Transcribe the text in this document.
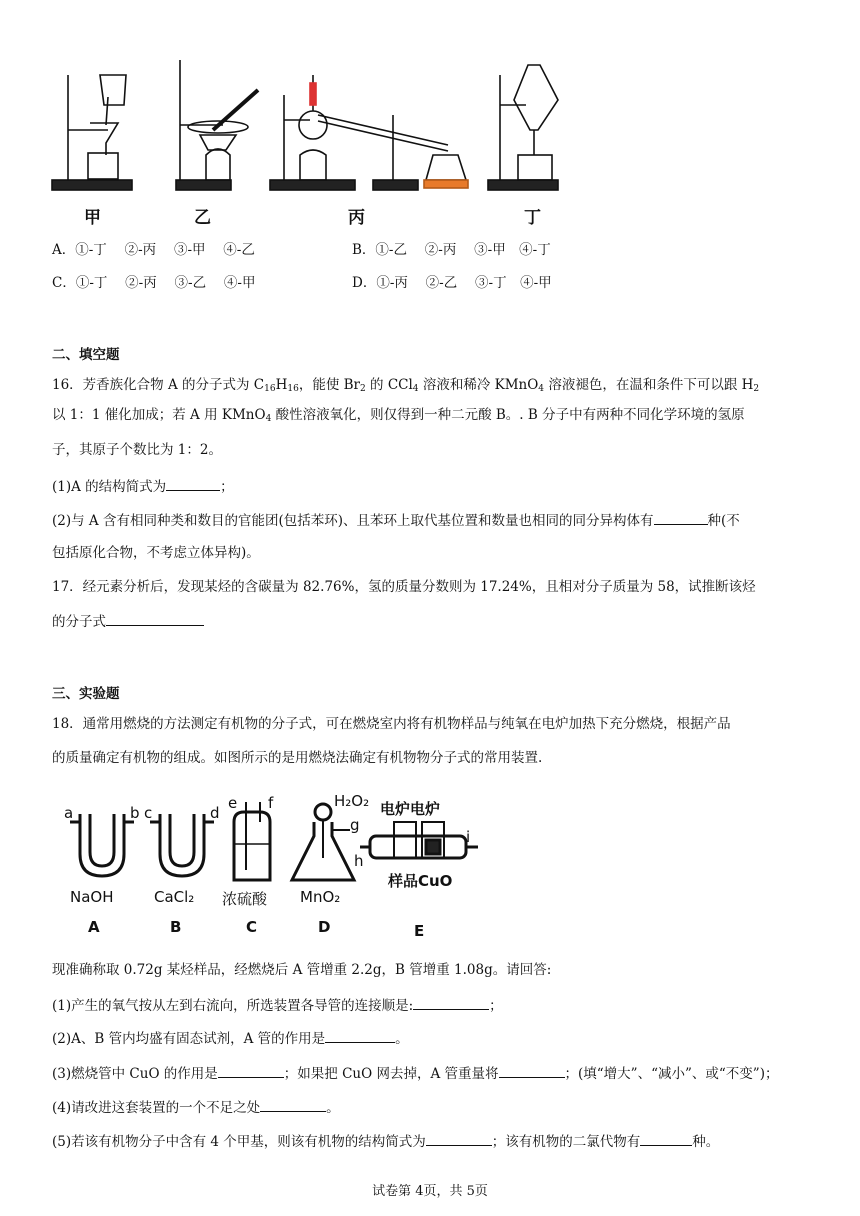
甲	乙	丙	丁
A．①-丁　 ②-丙　 ③-甲　 ④-乙	B．①-乙　 ②-丙　 ③-甲　④-丁
C．①-丁　 ②-丙　 ③-乙　 ④-甲	D．①-丙　 ②-乙　 ③-丁　④-甲
二、填空题
16．芳香族化合物 A 的分子式为 $C_{16}H_{16}$，能使 $Br_2$ 的 CCl$_4$ 溶液和稀冷 KMnO$_4$ 溶液褪色，在温和条件下可以跟 $H_2$
以 1：1 催化加成；若 A 用 KMnO$_4$ 酸性溶液氧化，则仅得到一种二元酸 B。. B 分子中有两种不同化学环境的氢原
子，其原子个数比为 1：2。
(1)A 的结构简式为	；
(2)与 A 含有相同种类和数目的官能团(包括苯环)、且苯环上取代基位置和数量也相同的同分异构体有	种(不
包括原化合物，不考虑立体异构)。
17．经元素分析后，发现某烃的含碳量为 82.76%，氢的质量分数则为 17.24%，且相对分子质量为 58，试推断该烃
的分子式
三、实验题
18．通常用燃烧的方法测定有机物的分子式，可在燃烧室内将有机物样品与纯氧在电炉加热下充分燃烧，根据产品
的质量确定有机物的组成。如图所示的是用燃烧法确定有机物物分子式的常用装置.
a	b c	d
e f	H₂O₂
g
电炉电炉
h
i
NaOH	CaCl₂ 浓硫酸 MnO₂
样品CuO
A	B	C	D	E
现准确称取 0.72g 某烃样品，经燃烧后 A 管增重 2.2g，B 管增重 1.08g。请回答:
(1)产生的氧气按从左到右流向，所选装置各导管的连接顺是:	；
(2)A、B 管内均盛有固态试剂，A 管的作用是	。
(3)燃烧管中 CuO 的作用是	；如果把 CuO 网去掉，A 管重量将	；(填“增大”、“减小”、或“不变”)；
(4)请改进这套装置的一个不足之处	。
(5)若该有机物分子中含有 4 个甲基，则该有机物的结构简式为	；该有机物的二氯代物有	种。
试卷第 4页，共 5页
